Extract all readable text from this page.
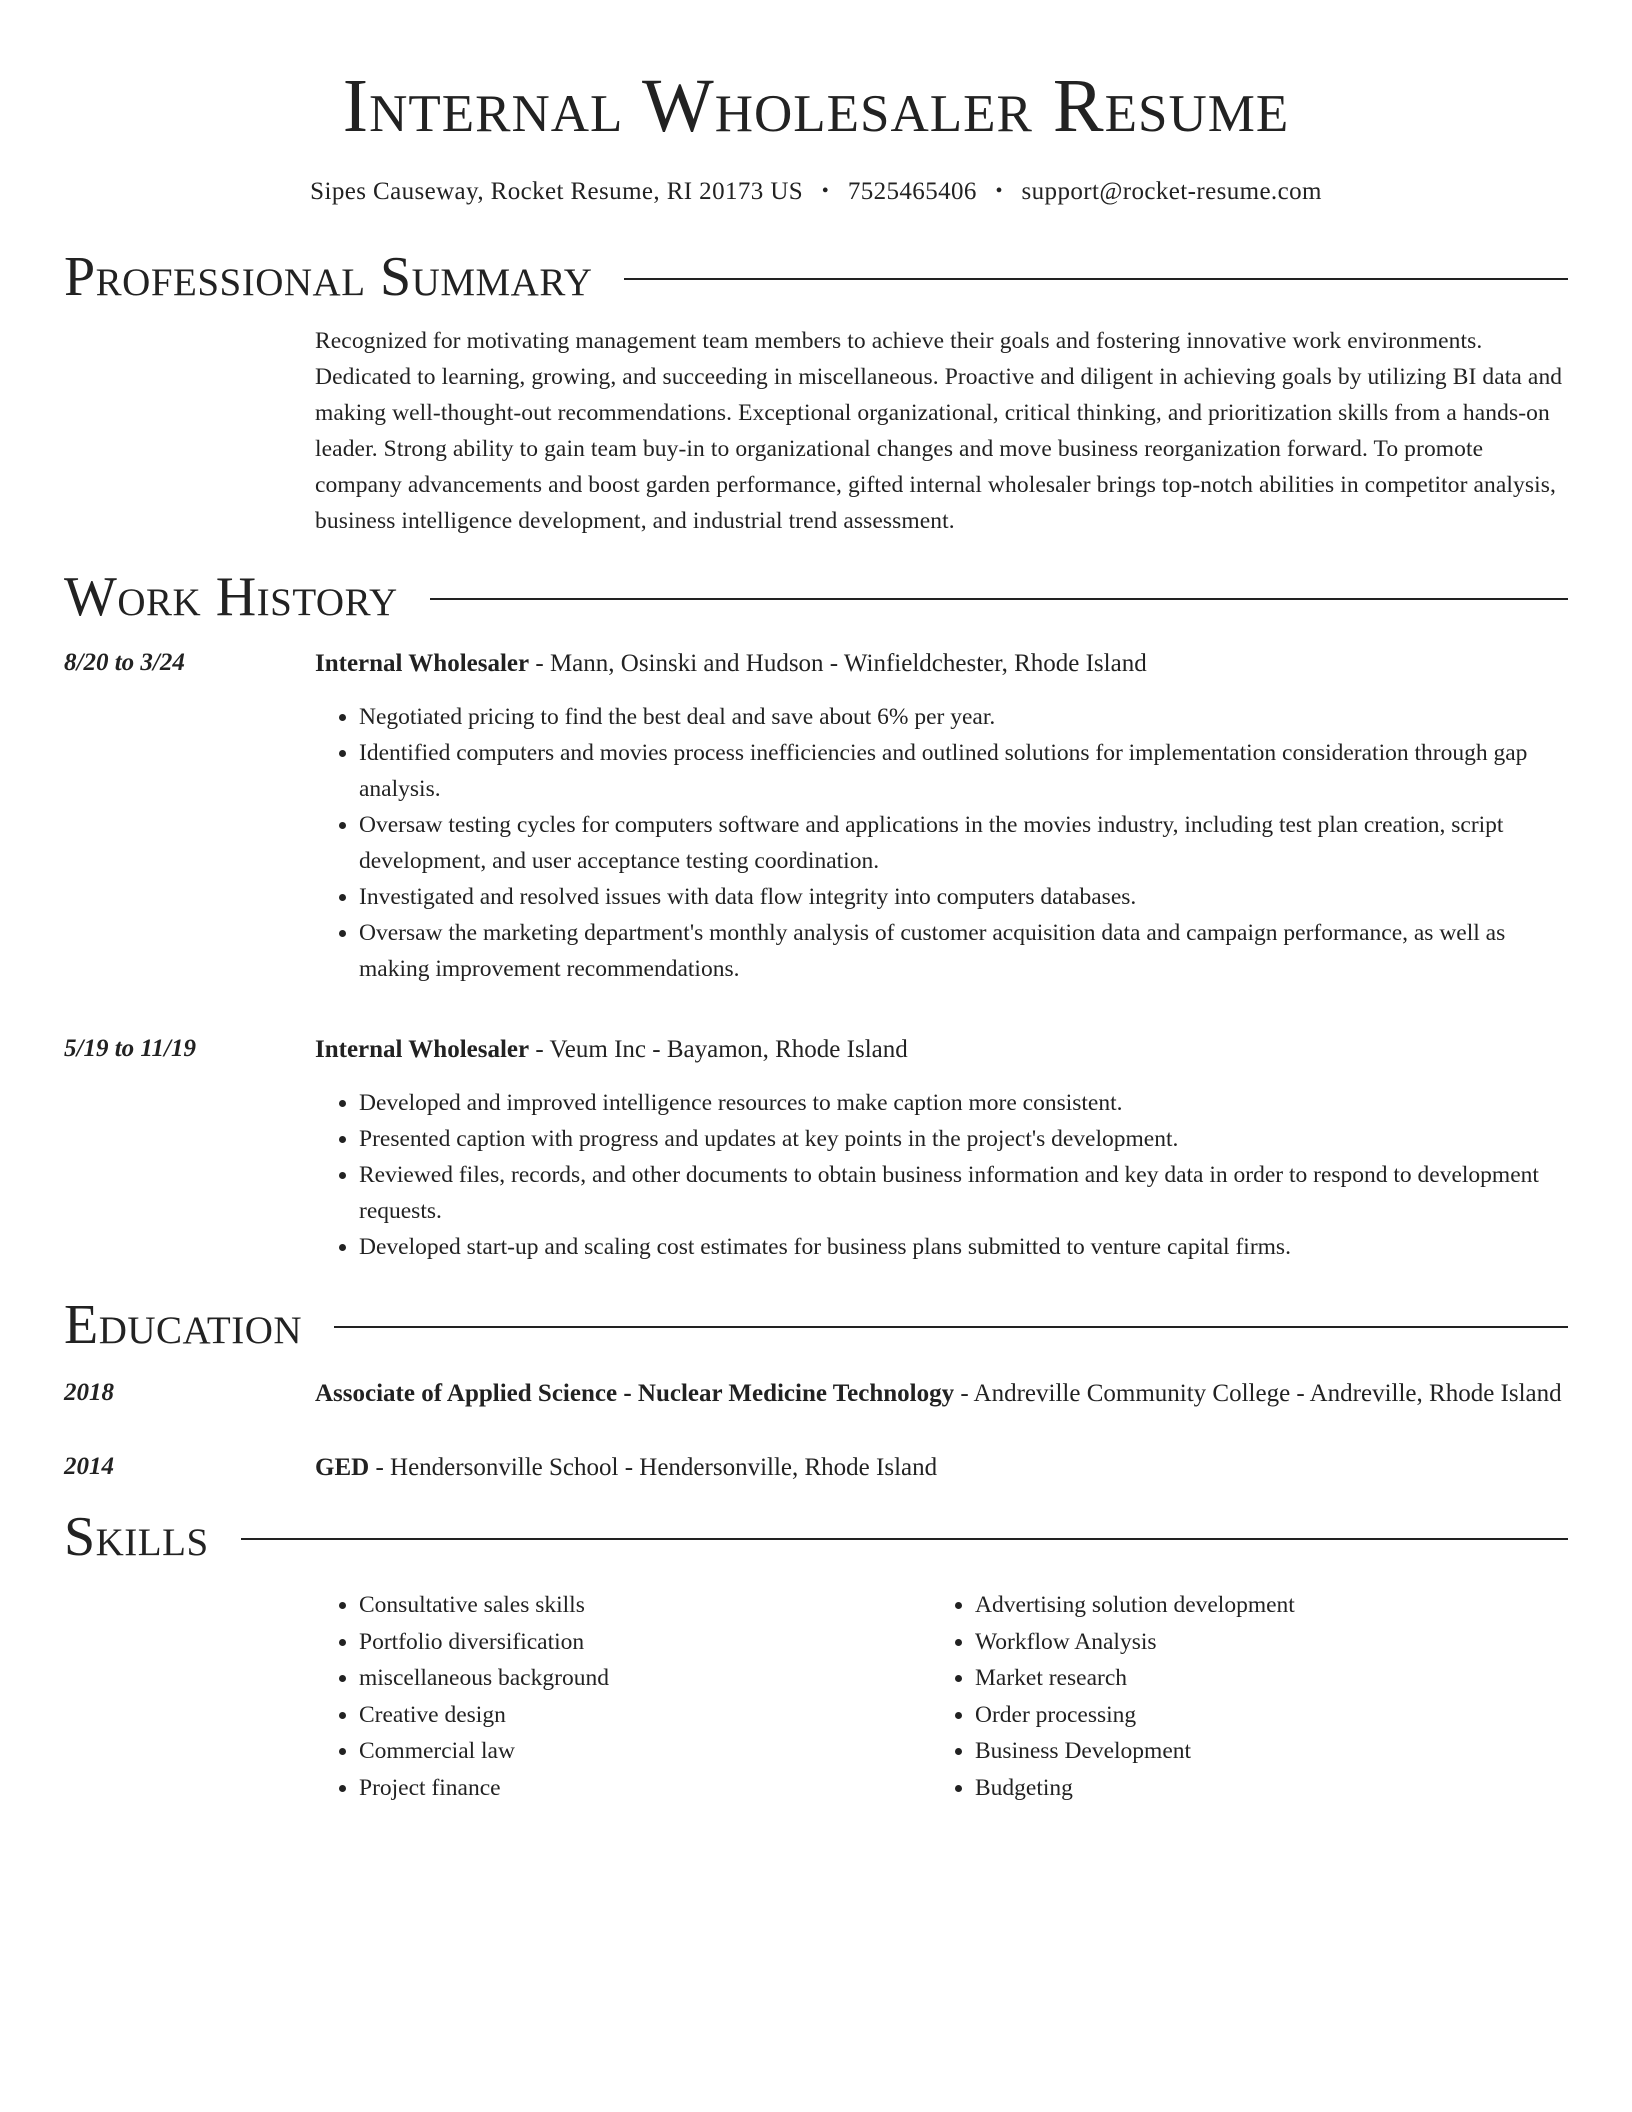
Internal Wholesaler Resume
Sipes Causeway, Rocket Resume, RI 20173 US • 7525465406 • support@rocket-resume.com
Professional Summary
Recognized for motivating management team members to achieve their goals and fostering innovative work environments. Dedicated to learning, growing, and succeeding in miscellaneous. Proactive and diligent in achieving goals by utilizing BI data and making well-thought-out recommendations. Exceptional organizational, critical thinking, and prioritization skills from a hands-on leader. Strong ability to gain team buy-in to organizational changes and move business reorganization forward. To promote company advancements and boost garden performance, gifted internal wholesaler brings top-notch abilities in competitor analysis, business intelligence development, and industrial trend assessment.
Work History
8/20 to 3/24	Internal Wholesaler - Mann, Osinski and Hudson - Winfieldchester, Rhode Island
• Negotiated pricing to find the best deal and save about 6% per year.
• Identified computers and movies process inefficiencies and outlined solutions for implementation consideration through gap analysis.
• Oversaw testing cycles for computers software and applications in the movies industry, including test plan creation, script development, and user acceptance testing coordination.
• Investigated and resolved issues with data flow integrity into computers databases.
• Oversaw the marketing department's monthly analysis of customer acquisition data and campaign performance, as well as making improvement recommendations.
5/19 to 11/19	Internal Wholesaler - Veum Inc - Bayamon, Rhode Island
• Developed and improved intelligence resources to make caption more consistent.
• Presented caption with progress and updates at key points in the project's development.
• Reviewed files, records, and other documents to obtain business information and key data in order to respond to development requests.
• Developed start-up and scaling cost estimates for business plans submitted to venture capital firms.
Education
2018	Associate of Applied Science - Nuclear Medicine Technology - Andreville Community College - Andreville, Rhode Island
2014	GED - Hendersonville School - Hendersonville, Rhode Island
Skills
• Consultative sales skills
• Portfolio diversification
• miscellaneous background
• Creative design
• Commercial law
• Project finance
• Advertising solution development
• Workflow Analysis
• Market research
• Order processing
• Business Development
• Budgeting
